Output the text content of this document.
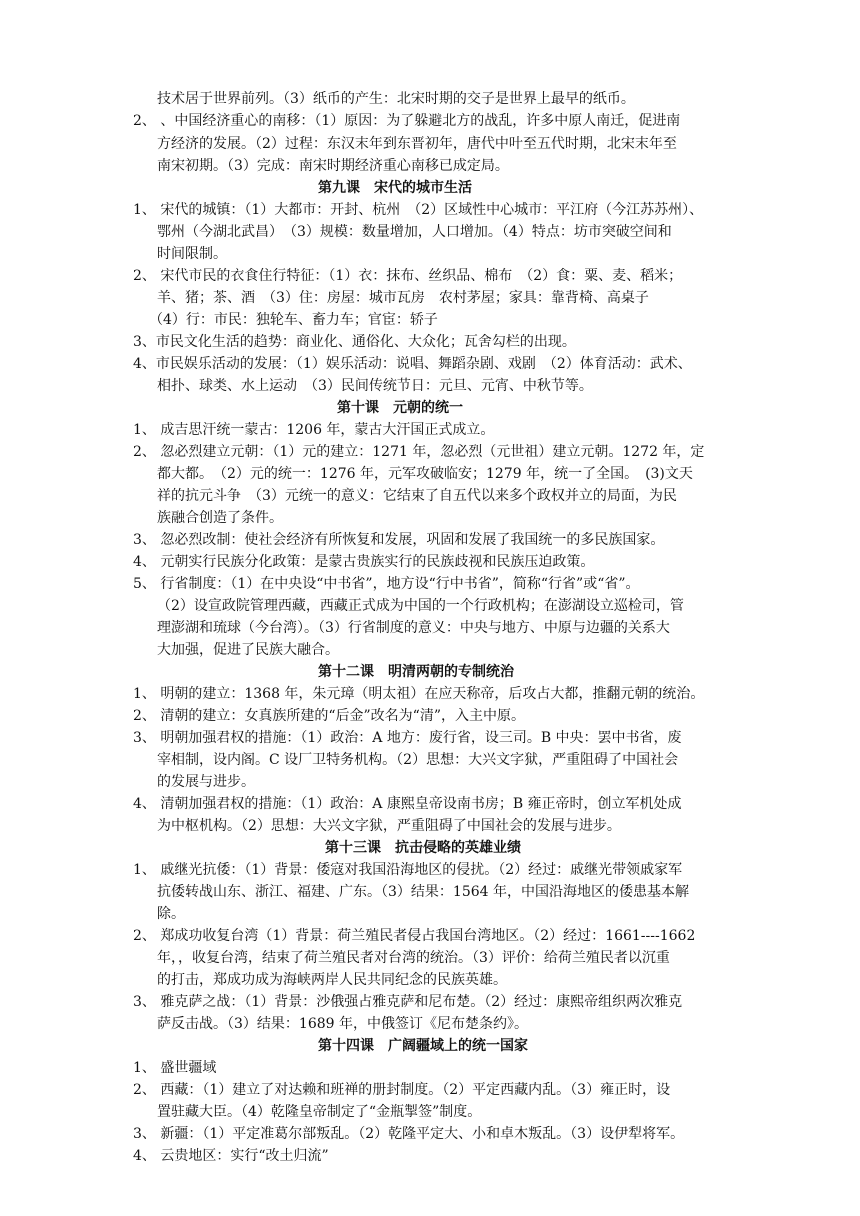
技术居于世界前列。（3）纸币的产生：北宋时期的交子是世界上最早的纸币。
2、 、中国经济重心的南移：（1）原因：为了躲避北方的战乱，许多中原人南迁，促进南
方经济的发展。（2）过程：东汉末年到东晋初年，唐代中叶至五代时期，北宋末年至
南宋初期。（3）完成：南宋时期经济重心南移已成定局。
第九课　宋代的城市生活
1、 宋代的城镇：（1）大都市：开封、杭州　（2）区域性中心城市：平江府（今江苏苏州）、
鄂州（今湖北武昌）　（3）规模：数量增加，人口增加。（4）特点：坊市突破空间和
时间限制。
2、 宋代市民的衣食住行特征：（1）衣：抹布、丝织品、棉布　（2）食：粟、麦、稻米；
羊、猪；茶、酒　（3）住：房屋：城市瓦房　农村茅屋；家具：靠背椅、高桌子
（4）行：市民：独轮车、畜力车；官宦：轿子
3、市民文化生活的趋势：商业化、通俗化、大众化；瓦舍勾栏的出现。
4、市民娱乐活动的发展：（1）娱乐活动：说唱、舞蹈杂剧、戏剧　（2）体育活动：武术、
相扑、球类、水上运动　（3）民间传统节日：元旦、元宵、中秋节等。
第十课　元朝的统一
1、 成吉思汗统一蒙古：1206 年，蒙古大汗国正式成立。
2、 忽必烈建立元朝：（1）元的建立：1271 年，忽必烈（元世祖）建立元朝。1272 年，定
都大都。　（2）元的统一：1276 年，元军攻破临安；1279 年，统一了全国。　(3)文天
祥的抗元斗争　（3）元统一的意义：它结束了自五代以来多个政权并立的局面，为民
族融合创造了条件。
3、 忽必烈改制：使社会经济有所恢复和发展，巩固和发展了我国统一的多民族国家。
4、 元朝实行民族分化政策：是蒙古贵族实行的民族歧视和民族压迫政策。
5、 行省制度：（1）在中央设“中书省”，地方设“行中书省”，简称“行省”或“省”。
（2）设宣政院管理西藏，西藏正式成为中国的一个行政机构；在澎湖设立巡检司，管
理澎湖和琉球（今台湾）。（3）行省制度的意义：中央与地方、中原与边疆的关系大
大加强，促进了民族大融合。
第十二课　明清两朝的专制统治
1、 明朝的建立：1368 年，朱元璋（明太祖）在应天称帝，后攻占大都，推翻元朝的统治。
2、 清朝的建立：女真族所建的“后金”改名为“清”，入主中原。
3、 明朝加强君权的措施：（1）政治：A 地方：废行省，设三司。B 中央：罢中书省，废
宰相制，设内阁。C 设厂卫特务机构。（2）思想：大兴文字狱，严重阻碍了中国社会
的发展与进步。
4、 清朝加强君权的措施：（1）政治：A 康熙皇帝设南书房；B 雍正帝时，创立军机处成
为中枢机构。（2）思想：大兴文字狱，严重阻碍了中国社会的发展与进步。
第十三课　抗击侵略的英雄业绩
1、 戚继光抗倭：（1）背景：倭寇对我国沿海地区的侵扰。（2）经过：戚继光带领戚家军
抗倭转战山东、浙江、福建、广东。（3）结果：1564 年，中国沿海地区的倭患基本解
除。
2、 郑成功收复台湾（1）背景：荷兰殖民者侵占我国台湾地区。（2）经过：1661----1662
年，，收复台湾，结束了荷兰殖民者对台湾的统治。（3）评价：给荷兰殖民者以沉重
的打击，郑成功成为海峡两岸人民共同纪念的民族英雄。
3、 雅克萨之战：（1）背景：沙俄强占雅克萨和尼布楚。（2）经过：康熙帝组织两次雅克
萨反击战。（3）结果：1689 年，中俄签订《尼布楚条约》。
第十四课　广阔疆域上的统一国家
1、 盛世疆域
2、 西藏：（1）建立了对达赖和班禅的册封制度。（2）平定西藏内乱。（3）雍正时，设
置驻藏大臣。（4）乾隆皇帝制定了“金瓶掣签”制度。
3、 新疆：（1）平定准葛尔部叛乱。（2）乾隆平定大、小和卓木叛乱。（3）设伊犁将军。
4、 云贵地区：实行“改土归流”
